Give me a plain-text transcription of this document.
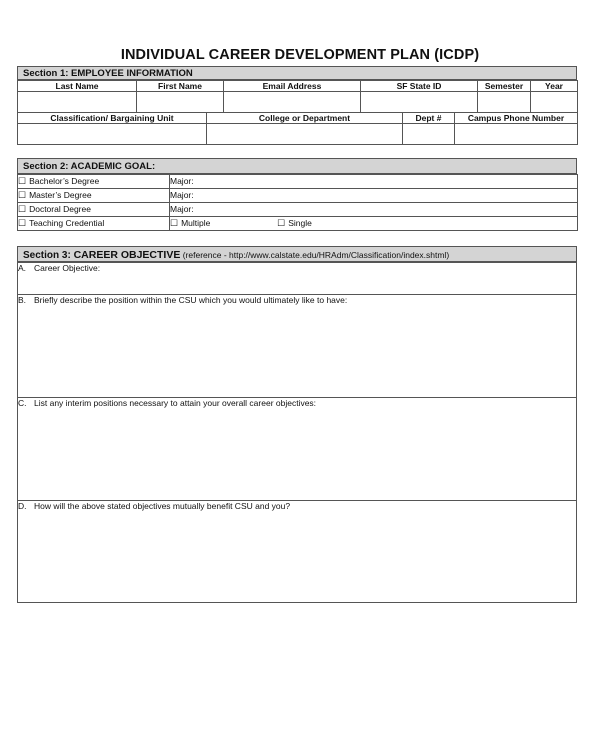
INDIVIDUAL CAREER DEVELOPMENT PLAN (ICDP)
Section 1: EMPLOYEE INFORMATION
Last Name	First Name	Email Address	SF State ID	Semester	Year

Classification/ Bargaining Unit	College or Department	Dept #	Campus Phone Number

Section 2: ACADEMIC GOAL:
☐ Bachelor’s Degree	Major:
☐ Master’s Degree	Major:
☐ Doctoral Degree	Major:
☐ Teaching Credential	☐ Multiple ☐ Single
Section 3: CAREER OBJECTIVE (reference - http://www.calstate.edu/HRAdm/Classification/index.shtml)
A. Career Objective:
B. Briefly describe the position within the CSU which you would ultimately like to have:
C. List any interim positions necessary to attain your overall career objectives:
D. How will the above stated objectives mutually benefit CSU and you?
